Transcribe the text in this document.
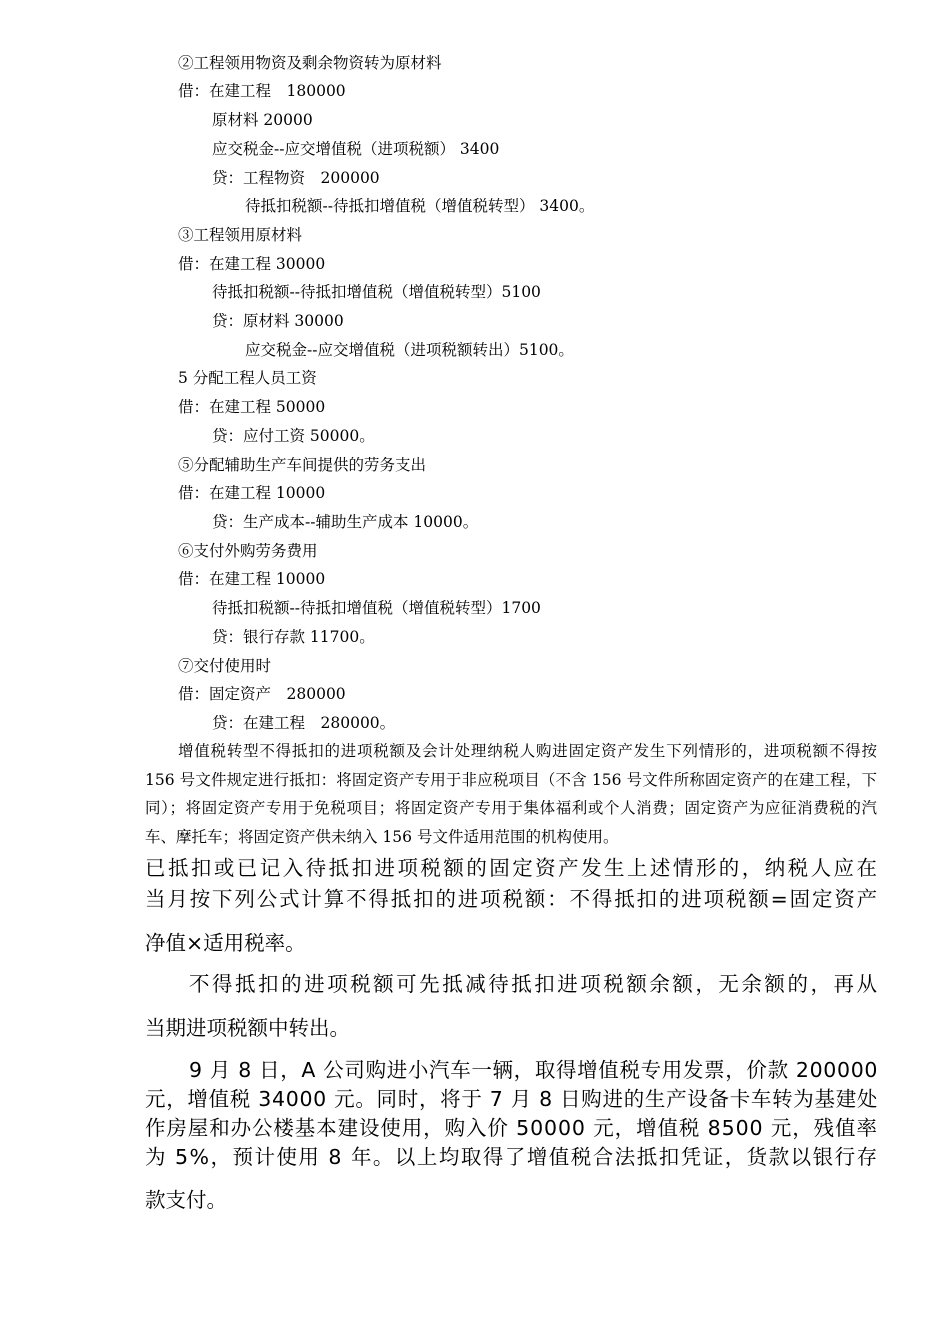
②工程领用物资及剩余物资转为原材料
借：在建工程　180000
原材料 20000
应交税金--应交增值税（进项税额） 3400
贷：工程物资　200000
待抵扣税额--待抵扣增值税（增值税转型） 3400。
③工程领用原材料
借：在建工程 30000
待抵扣税额--待抵扣增值税（增值税转型）5100
贷：原材料 30000
应交税金--应交增值税（进项税额转出）5100。
5 分配工程人员工资
借：在建工程 50000
贷：应付工资 50000。
⑤分配辅助生产车间提供的劳务支出
借：在建工程 10000
贷：生产成本--辅助生产成本 10000。
⑥支付外购劳务费用
借：在建工程 10000
待抵扣税额--待抵扣增值税（增值税转型）1700
贷：银行存款 11700。
⑦交付使用时
借：固定资产　280000
贷：在建工程　280000。
增值税转型不得抵扣的进项税额及会计处理纳税人购进固定资产发生下列情形的，进项税额不得按 156 号文件规定进行抵扣：将固定资产专用于非应税项目（不含 156 号文件所称固定资产的在建工程，下同）；将固定资产专用于免税项目；将固定资产专用于集体福利或个人消费；固定资产为应征消费税的汽车、摩托车；将固定资产供未纳入 156 号文件适用范围的机构使用。
已抵扣或已记入待抵扣进项税额的固定资产发生上述情形的，纳税人应在
当月按下列公式计算不得抵扣的进项税额：不得抵扣的进项税额=固定资产
净值×适用税率。
不得抵扣的进项税额可先抵减待抵扣进项税额余额，无余额的，再从
当期进项税额中转出。
9 月 8 日，A 公司购进小汽车一辆，取得增值税专用发票，价款 200000
元，增值税 34000 元。同时，将于 7 月 8 日购进的生产设备卡车转为基建处
作房屋和办公楼基本建设使用，购入价 50000 元，增值税 8500 元，残值率
为 5%，预计使用 8 年。以上均取得了增值税合法抵扣凭证，货款以银行存
款支付。
